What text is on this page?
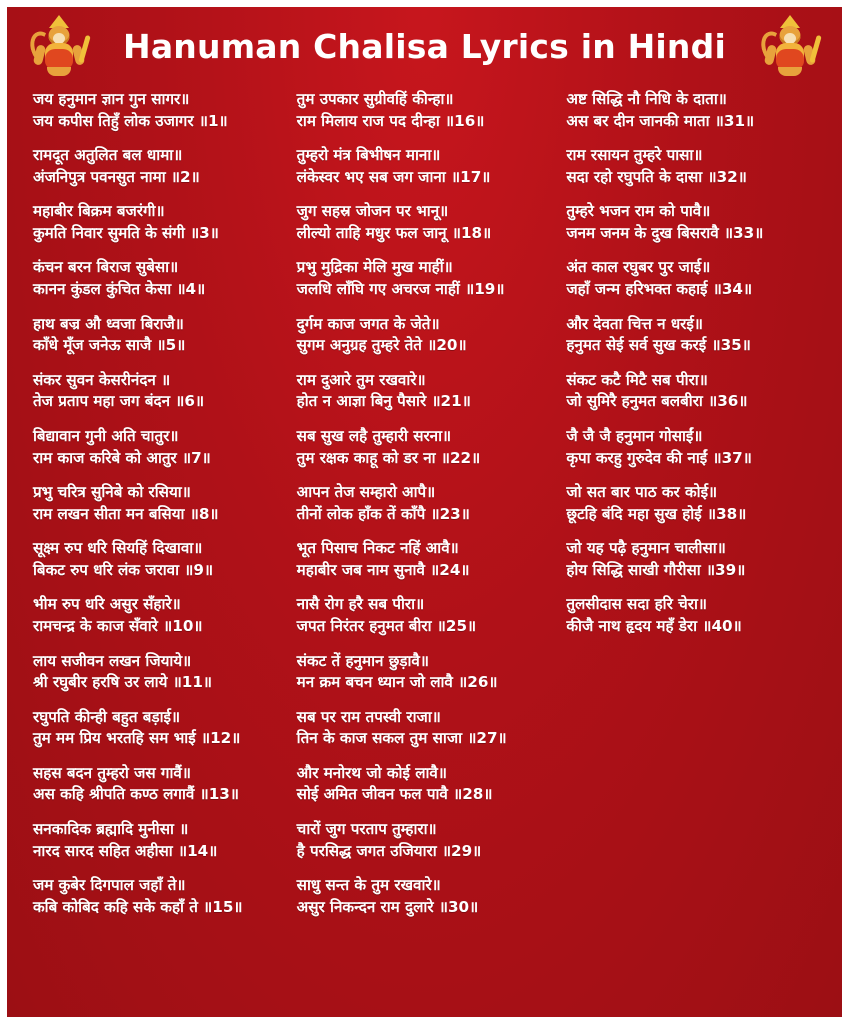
Hanuman Chalisa Lyrics in Hindi
जय हनुमान ज्ञान गुन सागर॥
जय कपीस तिहुँ लोक उजागर ॥1॥
रामदूत अतुलित बल धामा॥
अंजनिपुत्र पवनसुत नामा ॥2॥
महाबीर बिक्रम बजरंगी॥
कुमति निवार सुमति के संगी ॥3॥
कंचन बरन बिराज सुबेसा॥
कानन कुंडल कुंचित केसा ॥4॥
हाथ बज्र औ ध्वजा बिराजै॥
काँधे मूँज जनेऊ साजै ॥5॥
संकर सुवन केसरीनंदन ॥
तेज प्रताप महा जग बंदन ॥6॥
बिद्यावान गुनी अति चातुर॥
राम काज करिबे को आतुर ॥7॥
प्रभु चरित्र सुनिबे को रसिया॥
राम लखन सीता मन बसिया ॥8॥
सूक्ष्म रुप धरि सियहिं दिखावा॥
बिकट रुप धरि लंक जरावा ॥9॥
भीम रुप धरि असुर सँहारे॥
रामचन्द्र के काज सँवारे ॥10॥
लाय सजीवन लखन जियाये॥
श्री रघुबीर हरषि उर लाये ॥11॥
रघुपति कीन्ही बहुत बड़ाई॥
तुम मम प्रिय भरतहि सम भाई ॥12॥
सहस बदन तुम्हरो जस गावैं॥
अस कहि श्रीपति कण्ठ लगावैं ॥13॥
सनकादिक ब्रह्मादि मुनीसा ॥
नारद सारद सहित अहीसा ॥14॥
जम कुबेर दिगपाल जहाँ ते॥
कबि कोबिद कहि सके कहाँ ते ॥15॥
तुम उपकार सुग्रीवहिं कीन्हा॥
राम मिलाय राज पद दीन्हा ॥16॥
तुम्हरो मंत्र बिभीषन माना॥
लंकेस्वर भए सब जग जाना ॥17॥
जुग सहस्र जोजन पर भानू॥
लील्यो ताहि मधुर फल जानू ॥18॥
प्रभु मुद्रिका मेलि मुख माहीं॥
जलधि लाँघि गए अचरज नाहीं ॥19॥
दुर्गम काज जगत के जेते॥
सुगम अनुग्रह तुम्हरे तेते ॥20॥
राम दुआरे तुम रखवारे॥
होत न आज्ञा बिनु पैसारे ॥21॥
सब सुख लहै तुम्हारी सरना॥
तुम रक्षक काहू को डर ना ॥22॥
आपन तेज सम्हारो आपै॥
तीनों लोक हाँक तें काँपै ॥23॥
भूत पिसाच निकट नहिं आवै॥
महाबीर जब नाम सुनावै ॥24॥
नासै रोग हरै सब पीरा॥
जपत निरंतर हनुमत बीरा ॥25॥
संकट तें हनुमान छुड़ावै॥
मन क्रम बचन ध्यान जो लावै ॥26॥
सब पर राम तपस्वी राजा॥
तिन के काज सकल तुम साजा ॥27॥
और मनोरथ जो कोई लावै॥
सोई अमित जीवन फल पावै ॥28॥
चारों जुग परताप तुम्हारा॥
है परसिद्ध जगत उजियारा ॥29॥
साधु सन्त के तुम रखवारे॥
असुर निकन्दन राम दुलारे ॥30॥
अष्ट सिद्धि नौ निधि के दाता॥
अस बर दीन जानकी माता ॥31॥
राम रसायन तुम्हरे पासा॥
सदा रहो रघुपति के दासा ॥32॥
तुम्हरे भजन राम को पावै॥
जनम जनम के दुख बिसरावै ॥33॥
अंत काल रघुबर पुर जाई॥
जहाँ जन्म हरिभक्त कहाई ॥34॥
और देवता चित्त न धरई॥
हनुमत सेई सर्व सुख करई ॥35॥
संकट कटै मिटै सब पीरा॥
जो सुमिरै हनुमत बलबीरा ॥36॥
जै जै जै हनुमान गोसाईं॥
कृपा करहु गुरुदेव की नाईं ॥37॥
जो सत बार पाठ कर कोई॥
छूटहि बंदि महा सुख होई ॥38॥
जो यह पढ़ै हनुमान चालीसा॥
होय सिद्धि साखी गौरीसा ॥39॥
तुलसीदास सदा हरि चेरा॥
कीजै नाथ हृदय महँ डेरा ॥40॥
